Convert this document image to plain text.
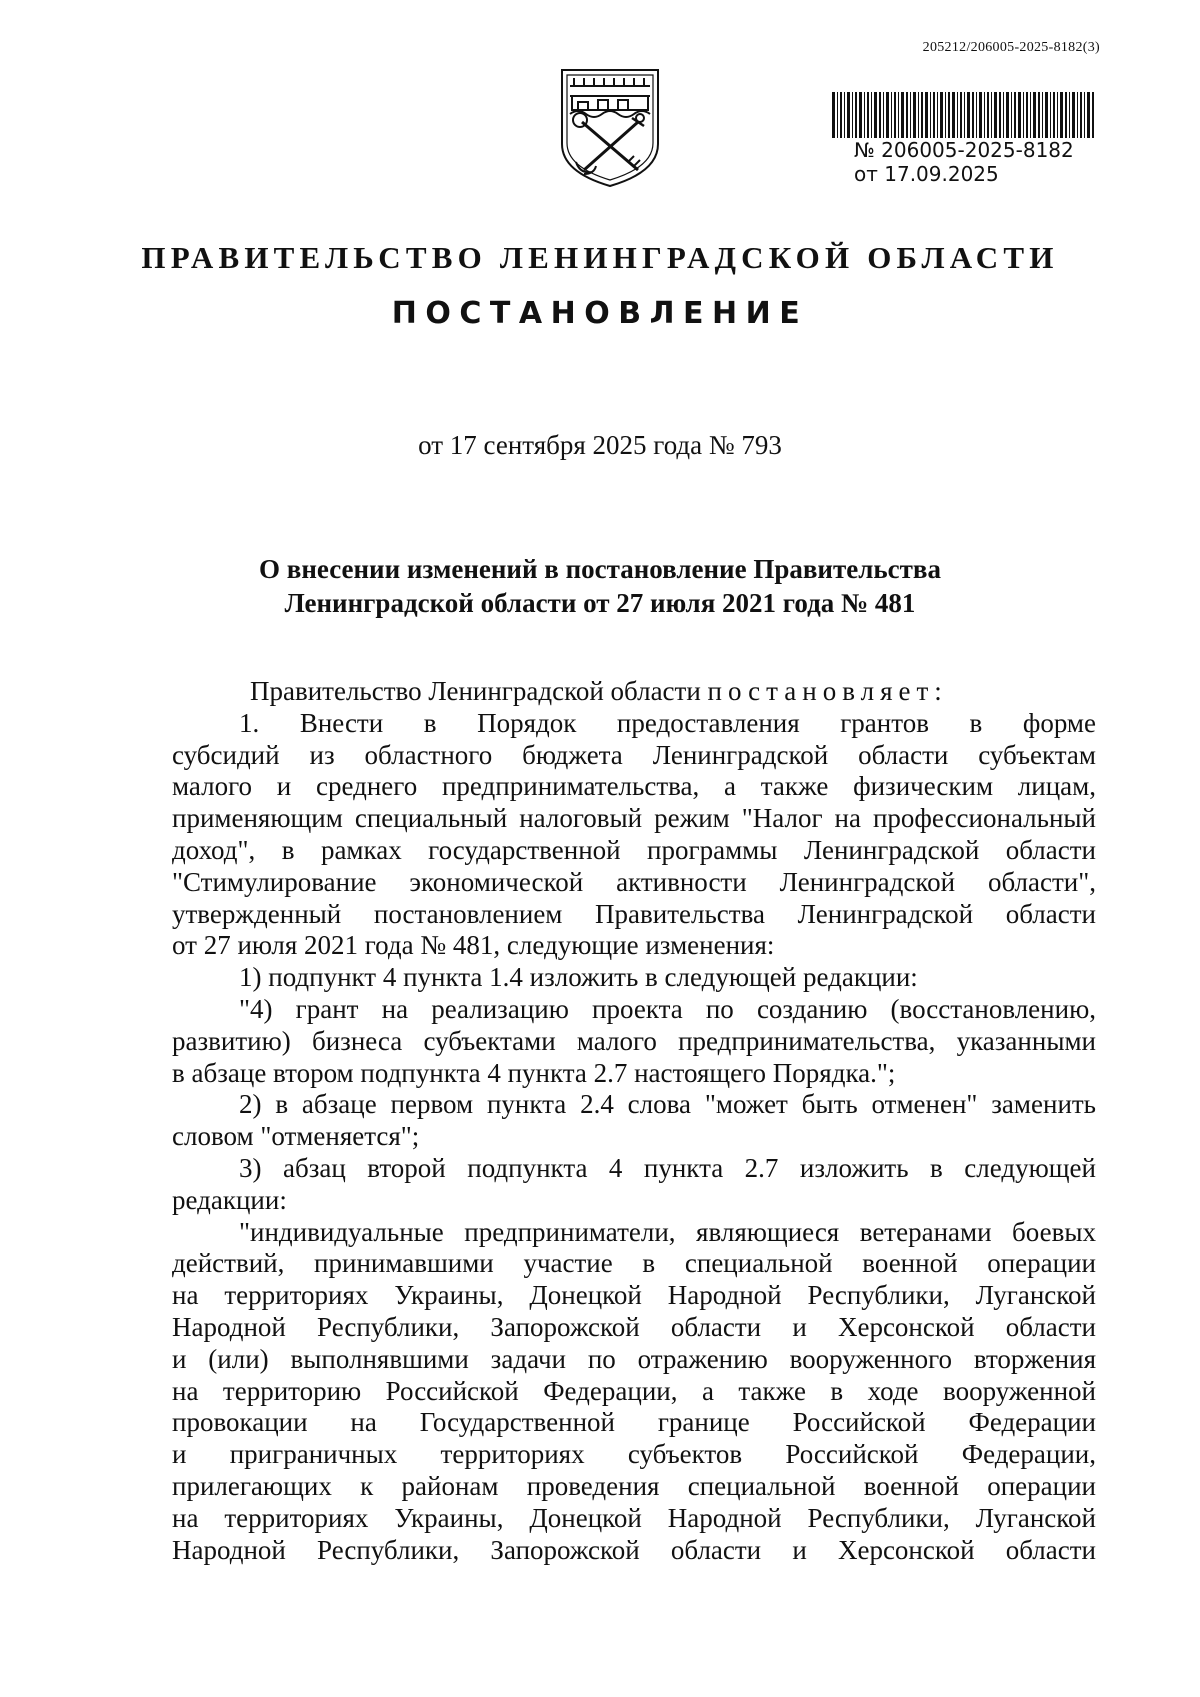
205212/206005-2025-8182(3)
№ 206005-2025-8182
от 17.09.2025
ПРАВИТЕЛЬСТВО ЛЕНИНГРАДСКОЙ ОБЛАСТИ
ПОСТАНОВЛЕНИЕ
от 17 сентября 2025 года № 793
О внесении изменений в постановление Правительства
Ленинградской области от 27 июля 2021 года № 481
Правительство Ленинградской области постановляет:
1. Внести в Порядок предоставления грантов в форме
субсидий из областного бюджета Ленинградской области субъектам
малого и среднего предпринимательства, а также физическим лицам,
применяющим специальный налоговый режим "Налог на профессиональный
доход", в рамках государственной программы Ленинградской области
"Стимулирование экономической активности Ленинградской области",
утвержденный постановлением Правительства Ленинградской области
от 27 июля 2021 года № 481, следующие изменения:
1) подпункт 4 пункта 1.4 изложить в следующей редакции:
"4) грант на реализацию проекта по созданию (восстановлению,
развитию) бизнеса субъектами малого предпринимательства, указанными
в абзаце втором подпункта 4 пункта 2.7 настоящего Порядка.";
2) в абзаце первом пункта 2.4 слова "может быть отменен" заменить
словом "отменяется";
3) абзац второй подпункта 4 пункта 2.7 изложить в следующей
редакции:
"индивидуальные предприниматели, являющиеся ветеранами боевых
действий, принимавшими участие в специальной военной операции
на территориях Украины, Донецкой Народной Республики, Луганской
Народной Республики, Запорожской области и Херсонской области
и (или) выполнявшими задачи по отражению вооруженного вторжения
на территорию Российской Федерации, а также в ходе вооруженной
провокации на Государственной границе Российской Федерации
и приграничных территориях субъектов Российской Федерации,
прилегающих к районам проведения специальной военной операции
на территориях Украины, Донецкой Народной Республики, Луганской
Народной Республики, Запорожской области и Херсонской области
